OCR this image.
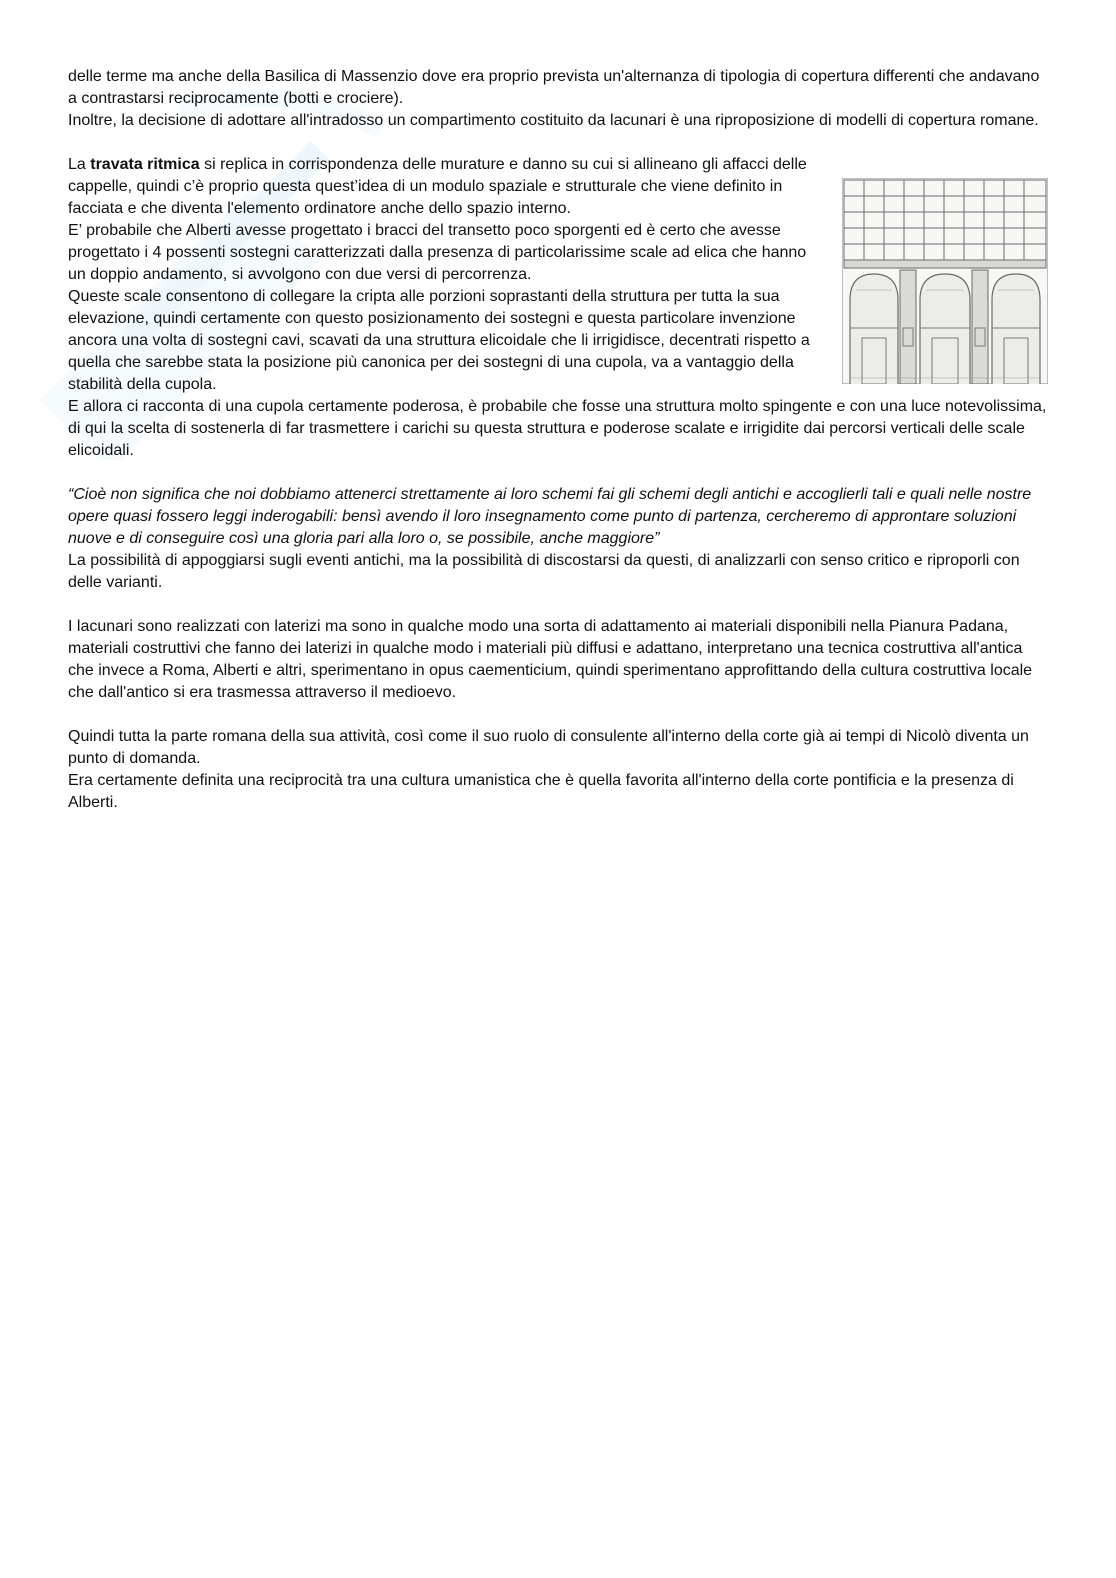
delle terme ma anche della Basilica di Massenzio dove era proprio prevista un'alternanza di tipologia di copertura differenti che andavano a contrastarsi reciprocamente (botti e crociere).

Inoltre, la decisione di adottare all'intradosso un compartimento costituito da lacunari è una riproposizione di modelli di copertura romane.

La travata ritmica si replica in corrispondenza delle murature e danno su cui si allineano gli affacci delle cappelle, quindi c’è proprio questa quest’idea di un modulo spaziale e strutturale che viene definito in facciata e che diventa l'elemento ordinatore anche dello spazio interno.

E’ probabile che Alberti avesse progettato i bracci del transetto poco sporgenti ed è certo che avesse progettato i 4 possenti sostegni caratterizzati dalla presenza di particolarissime scale ad elica che hanno un doppio andamento, si avvolgono con due versi di percorrenza.

Queste scale consentono di collegare la cripta alle porzioni soprastanti della struttura per tutta la sua elevazione, quindi certamente con questo posizionamento dei sostegni e questa particolare invenzione ancora una volta di sostegni cavi, scavati da una struttura elicoidale che li irrigidisce, decentrati rispetto a quella che sarebbe stata la posizione più canonica per dei sostegni di una cupola, va a vantaggio della stabilità della cupola.

E allora ci racconta di una cupola certamente poderosa, è probabile che fosse una struttura molto spingente e con una luce notevolissima, di qui la scelta di sostenerla di far trasmettere i carichi su questa struttura e poderose scalate e irrigidite dai percorsi verticali delle scale elicoidali.

“Cioè non significa che noi dobbiamo attenerci strettamente ai loro schemi fai gli schemi degli antichi e accoglierli tali e quali nelle nostre opere quasi fossero leggi inderogabili: bensì avendo il loro insegnamento come punto di partenza, cercheremo di approntare soluzioni nuove e di conseguire così una gloria pari alla loro o, se possibile, anche maggiore”

La possibilità di appoggiarsi sugli eventi antichi, ma la possibilità di discostarsi da questi, di analizzarli con senso critico e riproporli con delle varianti.

I lacunari sono realizzati con laterizi ma sono in qualche modo una sorta di adattamento ai materiali disponibili nella Pianura Padana, materiali costruttivi che fanno dei laterizi in qualche modo i materiali più diffusi e adattano, interpretano una tecnica costruttiva all'antica che invece a Roma, Alberti e altri, sperimentano in opus caementicium, quindi sperimentano approfittando della cultura costruttiva locale che dall'antico si era trasmessa attraverso il medioevo.

Quindi tutta la parte romana della sua attività, così come il suo ruolo di consulente all'interno della corte già ai tempi di Nicolò diventa un punto di domanda.

Era certamente definita una reciprocità tra una cultura umanistica che è quella favorita all'interno della corte pontificia e la presenza di Alberti.
